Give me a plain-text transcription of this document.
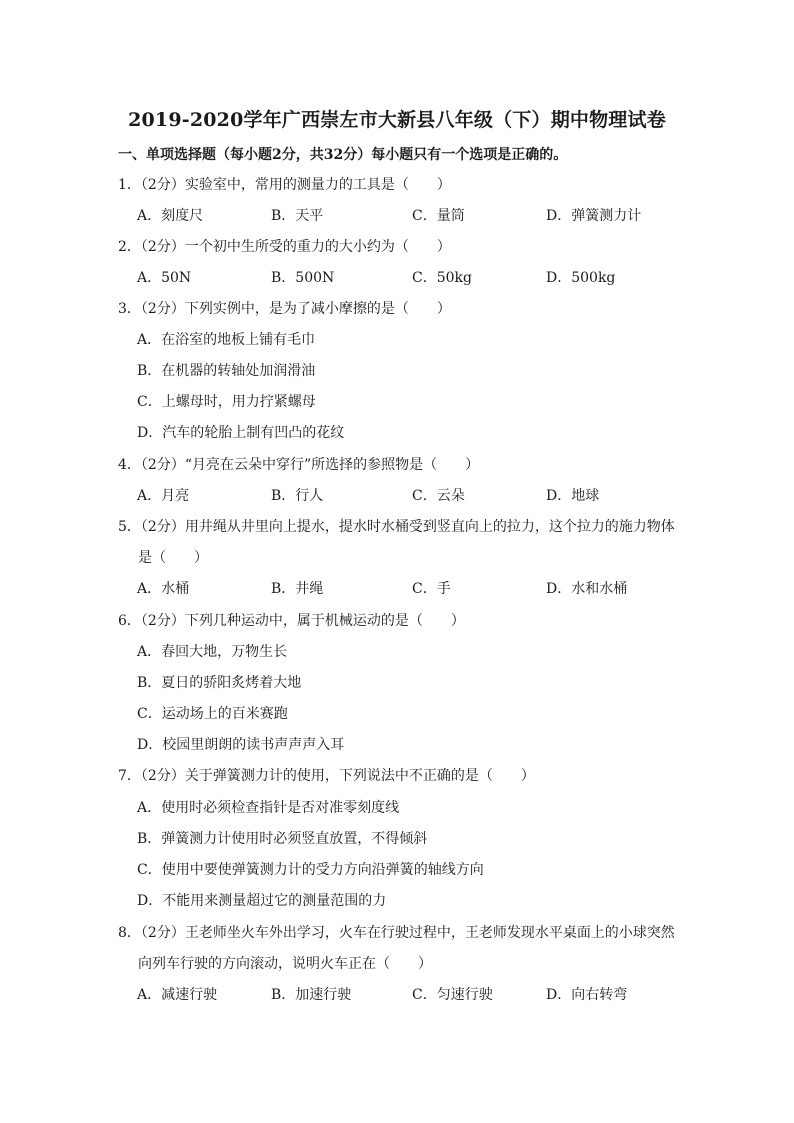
2019-2020学年广西崇左市大新县八年级（下）期中物理试卷
一、单项选择题（每小题2分，共32分）每小题只有一个选项是正确的。
1．（2分）实验室中，常用的测量力的工具是（　　）
A．刻度尺	B．天平	C．量筒	D．弹簧测力计
2．（2分）一个初中生所受的重力的大小约为（　　）
A．50N	B．500N	C．50kg	D．500kg
3．（2分）下列实例中，是为了减小摩擦的是（　　）
A．在浴室的地板上铺有毛巾
B．在机器的转轴处加润滑油
C．上螺母时，用力拧紧螺母
D．汽车的轮胎上制有凹凸的花纹
4．（2分）“月亮在云朵中穿行”所选择的参照物是（　　）
A．月亮	B．行人	C．云朵	D．地球
5．（2分）用井绳从井里向上提水，提水时水桶受到竖直向上的拉力，这个拉力的施力物体
是（　　）
A．水桶	B．井绳	C．手	D．水和水桶
6．（2分）下列几种运动中，属于机械运动的是（　　）
A．春回大地，万物生长
B．夏日的骄阳炙烤着大地
C．运动场上的百米赛跑
D．校园里朗朗的读书声声声入耳
7．（2分）关于弹簧测力计的使用，下列说法中不正确的是（　　）
A．使用时必须检查指针是否对准零刻度线
B．弹簧测力计使用时必须竖直放置，不得倾斜
C．使用中要使弹簧测力计的受力方向沿弹簧的轴线方向
D．不能用来测量超过它的测量范围的力
8．（2分）王老师坐火车外出学习，火车在行驶过程中，王老师发现水平桌面上的小球突然
向列车行驶的方向滚动，说明火车正在（　　）
A．减速行驶	B．加速行驶	C．匀速行驶	D．向右转弯
